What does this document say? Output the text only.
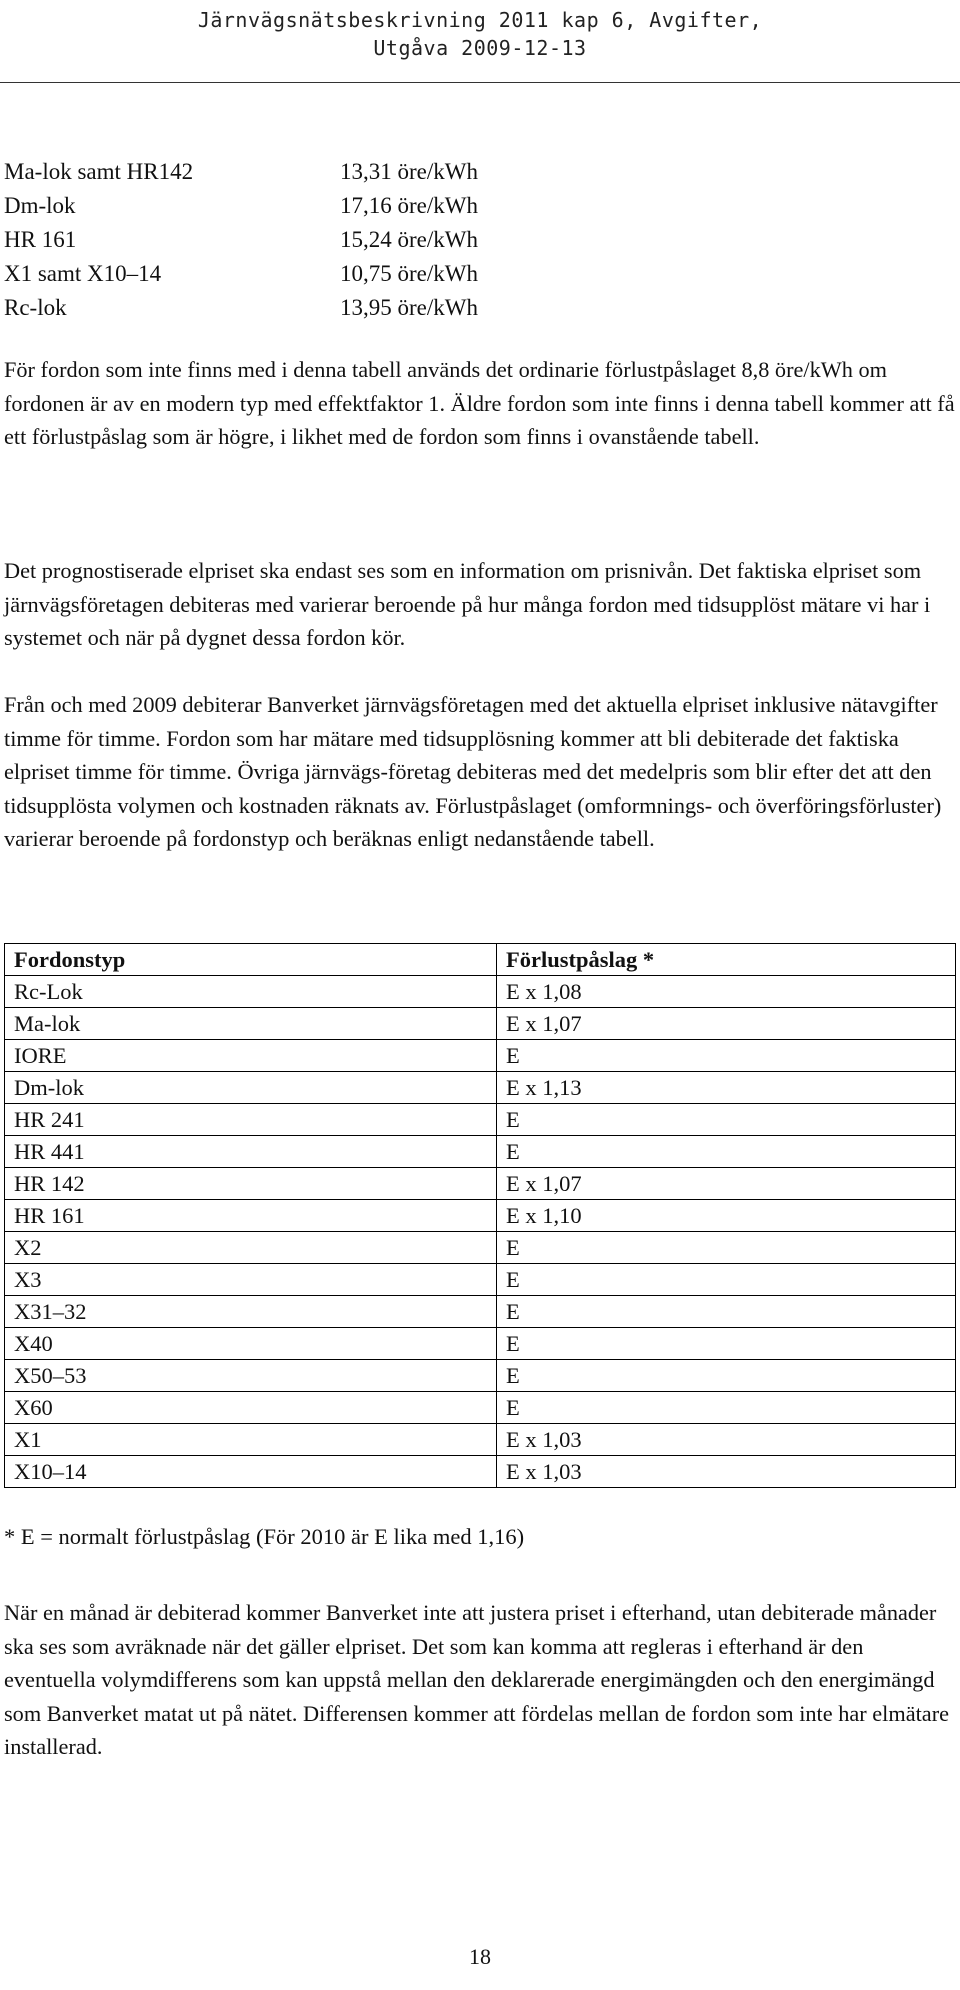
Järnvägsnätsbeskrivning 2011 kap 6, Avgifter,
Utgåva 2009-12-13
Ma-lok samt HR142	13,31 öre/kWh
Dm-lok	17,16 öre/kWh
HR 161	15,24 öre/kWh
X1 samt X10–14	10,75 öre/kWh
Rc-lok	13,95 öre/kWh

För fordon som inte finns med i denna tabell används det ordinarie förlustpåslaget 8,8 öre/kWh om fordonen är av en modern typ med effektfaktor 1. Äldre fordon som inte finns i denna tabell kommer att få ett förlustpåslag som är högre, i likhet med de fordon som finns i ovanstående tabell.

Det prognostiserade elpriset ska endast ses som en information om prisnivån. Det faktiska elpriset som järnvägsföretagen debiteras med varierar beroende på hur många fordon med tidsupplöst mätare vi har i systemet och när på dygnet dessa fordon kör.

Från och med 2009 debiterar Banverket järnvägsföretagen med det aktuella elpriset inklusive nätavgifter timme för timme. Fordon som har mätare med tidsupplösning kommer att bli debiterade det faktiska elpriset timme för timme. Övriga järnvägs-företag debiteras med det medelpris som blir efter det att den tidsupplösta volymen och kostnaden räknats av. Förlustpåslaget (omformnings- och överföringsförluster) varierar beroende på fordonstyp och beräknas enligt nedanstående tabell.

Fordonstyp	Förlustpåslag *
Rc-Lok	E x 1,08
Ma-lok	E x 1,07
IORE	E
Dm-lok	E x 1,13
HR 241	E
HR 441	E
HR 142	E x 1,07
HR 161	E x 1,10
X2	E
X3	E
X31–32	E
X40	E
X50–53	E
X60	E
X1	E x 1,03
X10–14	E x 1,03
* E = normalt förlustpåslag (För 2010 är E lika med 1,16)

När en månad är debiterad kommer Banverket inte att justera priset i efterhand, utan debiterade månader ska ses som avräknade när det gäller elpriset. Det som kan komma att regleras i efterhand är den eventuella volymdifferens som kan uppstå mellan den deklarerade energimängden och den energimängd som Banverket matat ut på nätet. Differensen kommer att fördelas mellan de fordon som inte har elmätare installerad.

18
